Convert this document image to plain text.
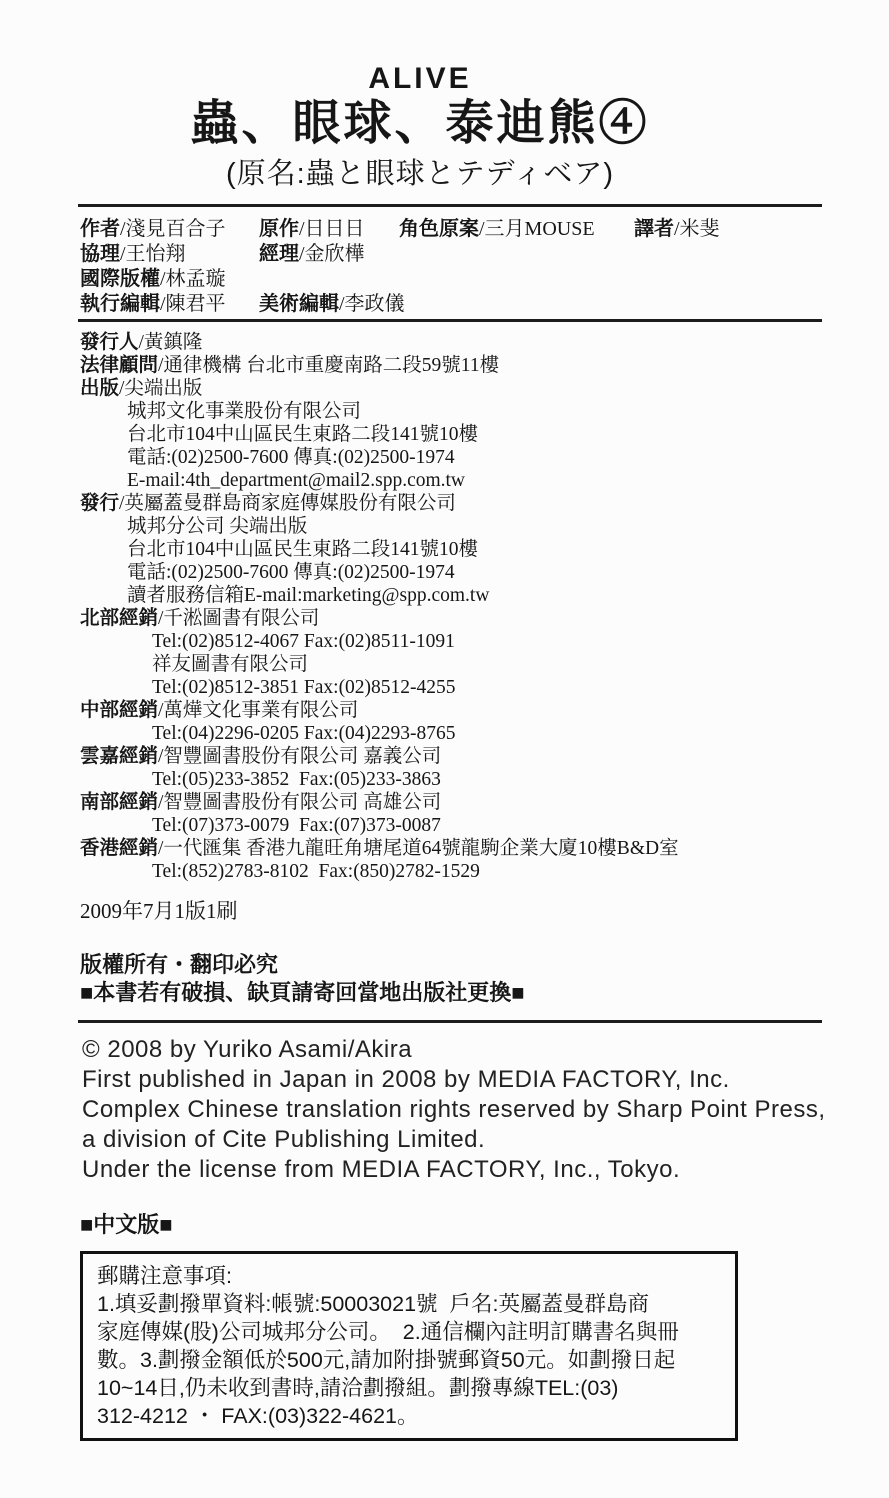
ALIVE
蟲、眼球、泰迪熊④
(原名:蟲と眼球とテディベア)
作者/淺見百合子	原作/日日日	角色原案/三月MOUSE	譯者/米斐
協理/王怡翔	經理/金欣樺
國際版權/林孟璇
執行編輯/陳君平	美術編輯/李政儀
發行人/黃鎮隆
法律顧問/通律機構 台北市重慶南路二段59號11樓
出版/尖端出版
城邦文化事業股份有限公司
台北市104中山區民生東路二段141號10樓
電話:(02)2500-7600 傳真:(02)2500-1974
E-mail:4th_department@mail2.spp.com.tw
發行/英屬蓋曼群島商家庭傳媒股份有限公司
城邦分公司 尖端出版
台北市104中山區民生東路二段141號10樓
電話:(02)2500-7600 傳真:(02)2500-1974
讀者服務信箱E-mail:marketing@spp.com.tw
北部經銷/千淞圖書有限公司
Tel:(02)8512-4067 Fax:(02)8511-1091
祥友圖書有限公司
Tel:(02)8512-3851 Fax:(02)8512-4255
中部經銷/萬燁文化事業有限公司
Tel:(04)2296-0205 Fax:(04)2293-8765
雲嘉經銷/智豐圖書股份有限公司 嘉義公司
Tel:(05)233-3852  Fax:(05)233-3863
南部經銷/智豐圖書股份有限公司 高雄公司
Tel:(07)373-0079  Fax:(07)373-0087
香港經銷/一代匯集 香港九龍旺角塘尾道64號龍駒企業大廈10樓B&D室
Tel:(852)2783-8102  Fax:(850)2782-1529
2009年7月1版1刷
版權所有・翻印必究
■本書若有破損、缺頁請寄回當地出版社更換■
© 2008 by Yuriko Asami/Akira
First published in Japan in 2008 by MEDIA FACTORY, Inc.
Complex Chinese translation rights reserved by Sharp Point Press,
a division of Cite Publishing Limited.
Under the license from MEDIA FACTORY, Inc., Tokyo.
■中文版■
郵購注意事項:
1.填妥劃撥單資料:帳號:50003021號  戶名:英屬蓋曼群島商
家庭傳媒(股)公司城邦分公司。  2.通信欄內註明訂購書名與冊
數。3.劃撥金額低於500元,請加附掛號郵資50元。如劃撥日起
10~14日,仍未收到書時,請洽劃撥組。劃撥專線TEL:(03)
312-4212 ・ FAX:(03)322-4621。
